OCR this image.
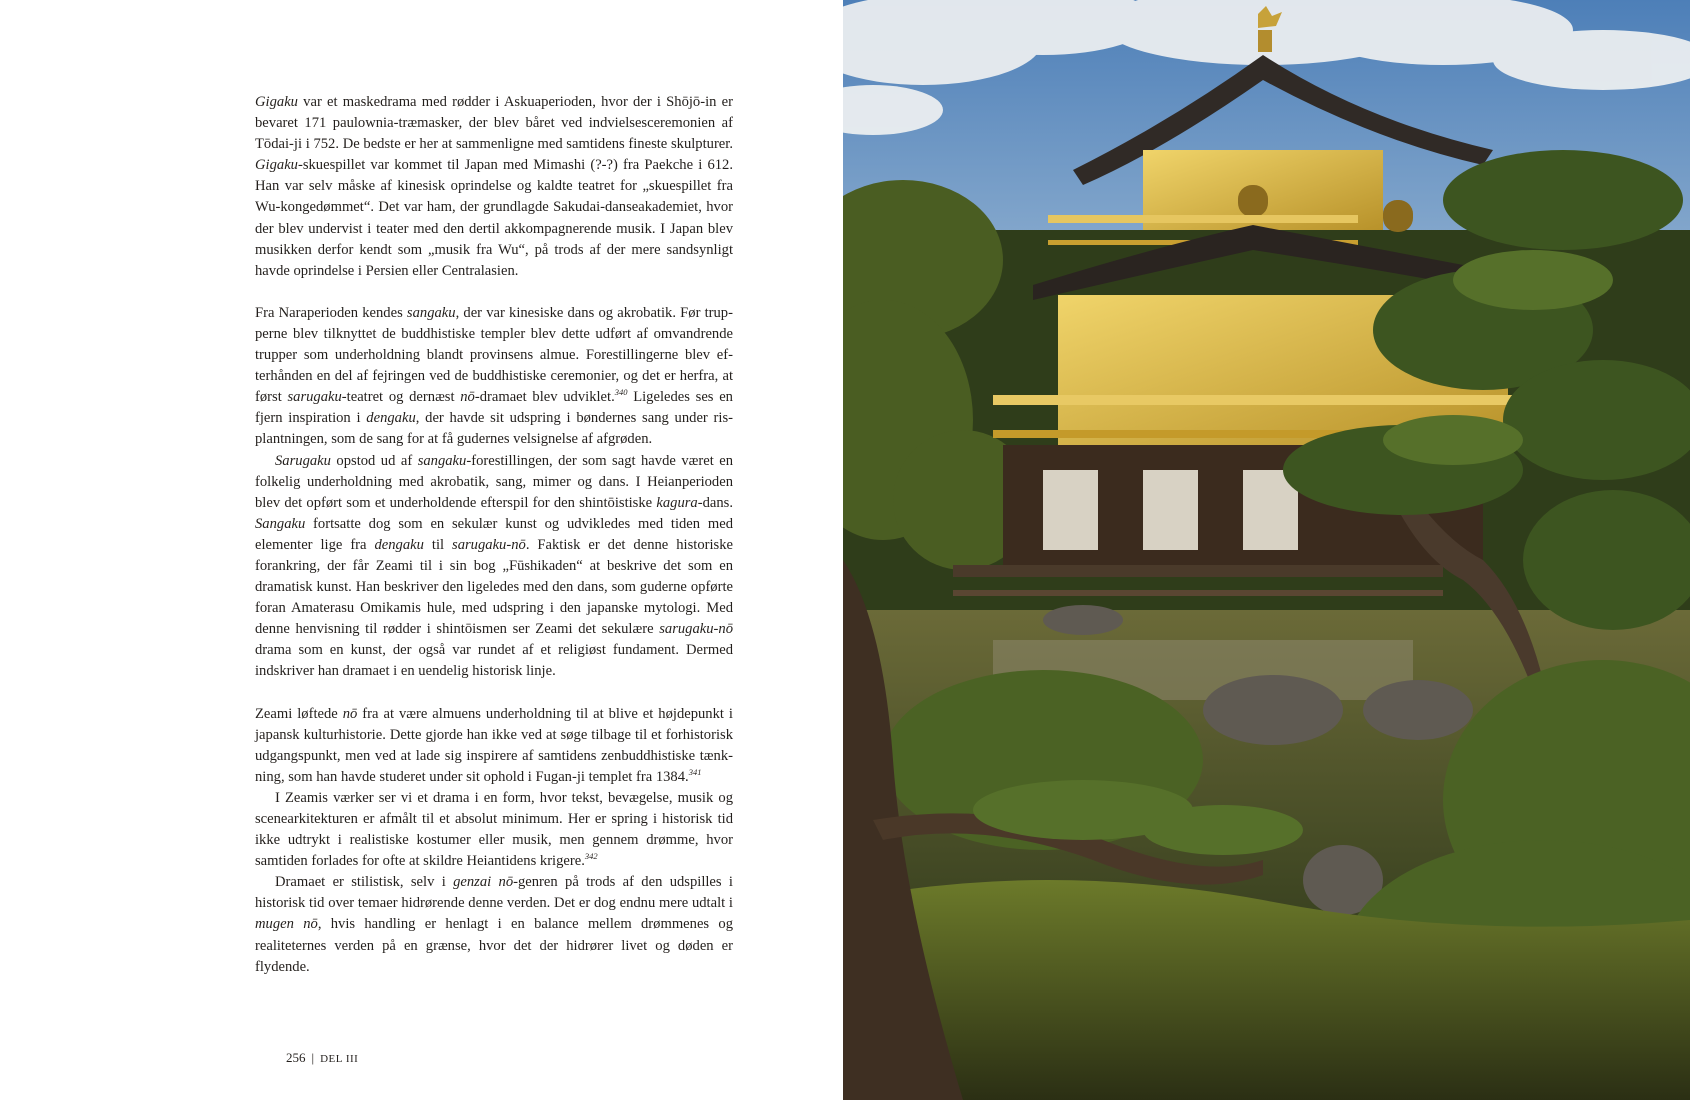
Gigaku var et maskedrama med rødder i Askuaperioden, hvor der i Shōjō-in er bevaret 171 paulownia-træmasker, der blev båret ved indvielsesceremonien af Tōdai-ji i 752. De bedste er her at sammenligne med samtidens fineste skulpturer. Gigaku-skuespillet var kommet til Japan med Mimashi (?-?) fra Paekche i 612. Han var selv måske af kinesisk oprindelse og kaldte teatret for „skuespillet fra Wu-kongedømmet“. Det var ham, der grundlagde Sakudai-danseakademiet, hvor der blev undervist i teater med den dertil akkompagnerende musik. I Japan blev musikken derfor kendt som „musik fra Wu“, på trods af der mere sandsynligt havde oprindelse i Persien eller Centralasien.

Fra Naraperioden kendes sangaku, der var kinesiske dans og akrobatik. Før trupperne blev tilknyttet de buddhistiske templer blev dette udført af omvandrende trupper som underholdning blandt provinsens almue. Forestillingerne blev efterhånden en del af fejringen ved de buddhistiske ceremonier, og det er herfra, at først sarugaku-teatret og dernæst nō-dramaet blev udviklet.$^{340}$ Ligeledes ses en fjern inspiration i dengaku, der havde sit udspring i bøndernes sang under risplantningen, som de sang for at få gudernes velsignelse af afgrøden.

Sarugaku opstod ud af sangaku-forestillingen, der som sagt havde været en folkelig underholdning med akrobatik, sang, mimer og dans. I Heianperioden blev det opført som et underholdende efterspil for den shintōistiske kagura-dans. Sangaku fortsatte dog som en sekulær kunst og udvikledes med tiden med elementer lige fra dengaku til sarugaku-nō. Faktisk er det denne historiske forankring, der får Zeami til i sin bog „Fūshikaden“ at beskrive det som en dramatisk kunst. Han beskriver den ligeledes med den dans, som guderne opførte foran Amaterasu Omikamis hule, med udspring i den japanske mytologi. Med denne henvisning til rødder i shintōismen ser Zeami det sekulære sarugaku-nō drama som en kunst, der også var rundet af et religiøst fundament. Dermed indskriver han dramaet i en uendelig historisk linje.

Zeami løftede nō fra at være almuens underholdning til at blive et højdepunkt i japansk kulturhistorie. Dette gjorde han ikke ved at søge tilbage til et forhistorisk udgangspunkt, men ved at lade sig inspirere af samtidens zenbuddhistiske tænkning, som han havde studeret under sit ophold i Fugan-ji templet fra 1384.$^{341}$

I Zeamis værker ser vi et drama i en form, hvor tekst, bevægelse, musik og scenearkitekturen er afmålt til et absolut minimum. Her er spring i historisk tid ikke udtrykt i realistiske kostumer eller musik, men gennem drømme, hvor samtiden forlades for ofte at skildre Heiantidens krigere.$^{342}$

Dramaet er stilistisk, selv i genzai nō-genren på trods af den udspilles i historisk tid over temaer hidrørende denne verden. Det er dog endnu mere udtalt i mugen nō, hvis handling er henlagt i en balance mellem drømmenes og realiteternes verden på en grænse, hvor det der hidrører livet og døden er flydende.

256 | DEL III
